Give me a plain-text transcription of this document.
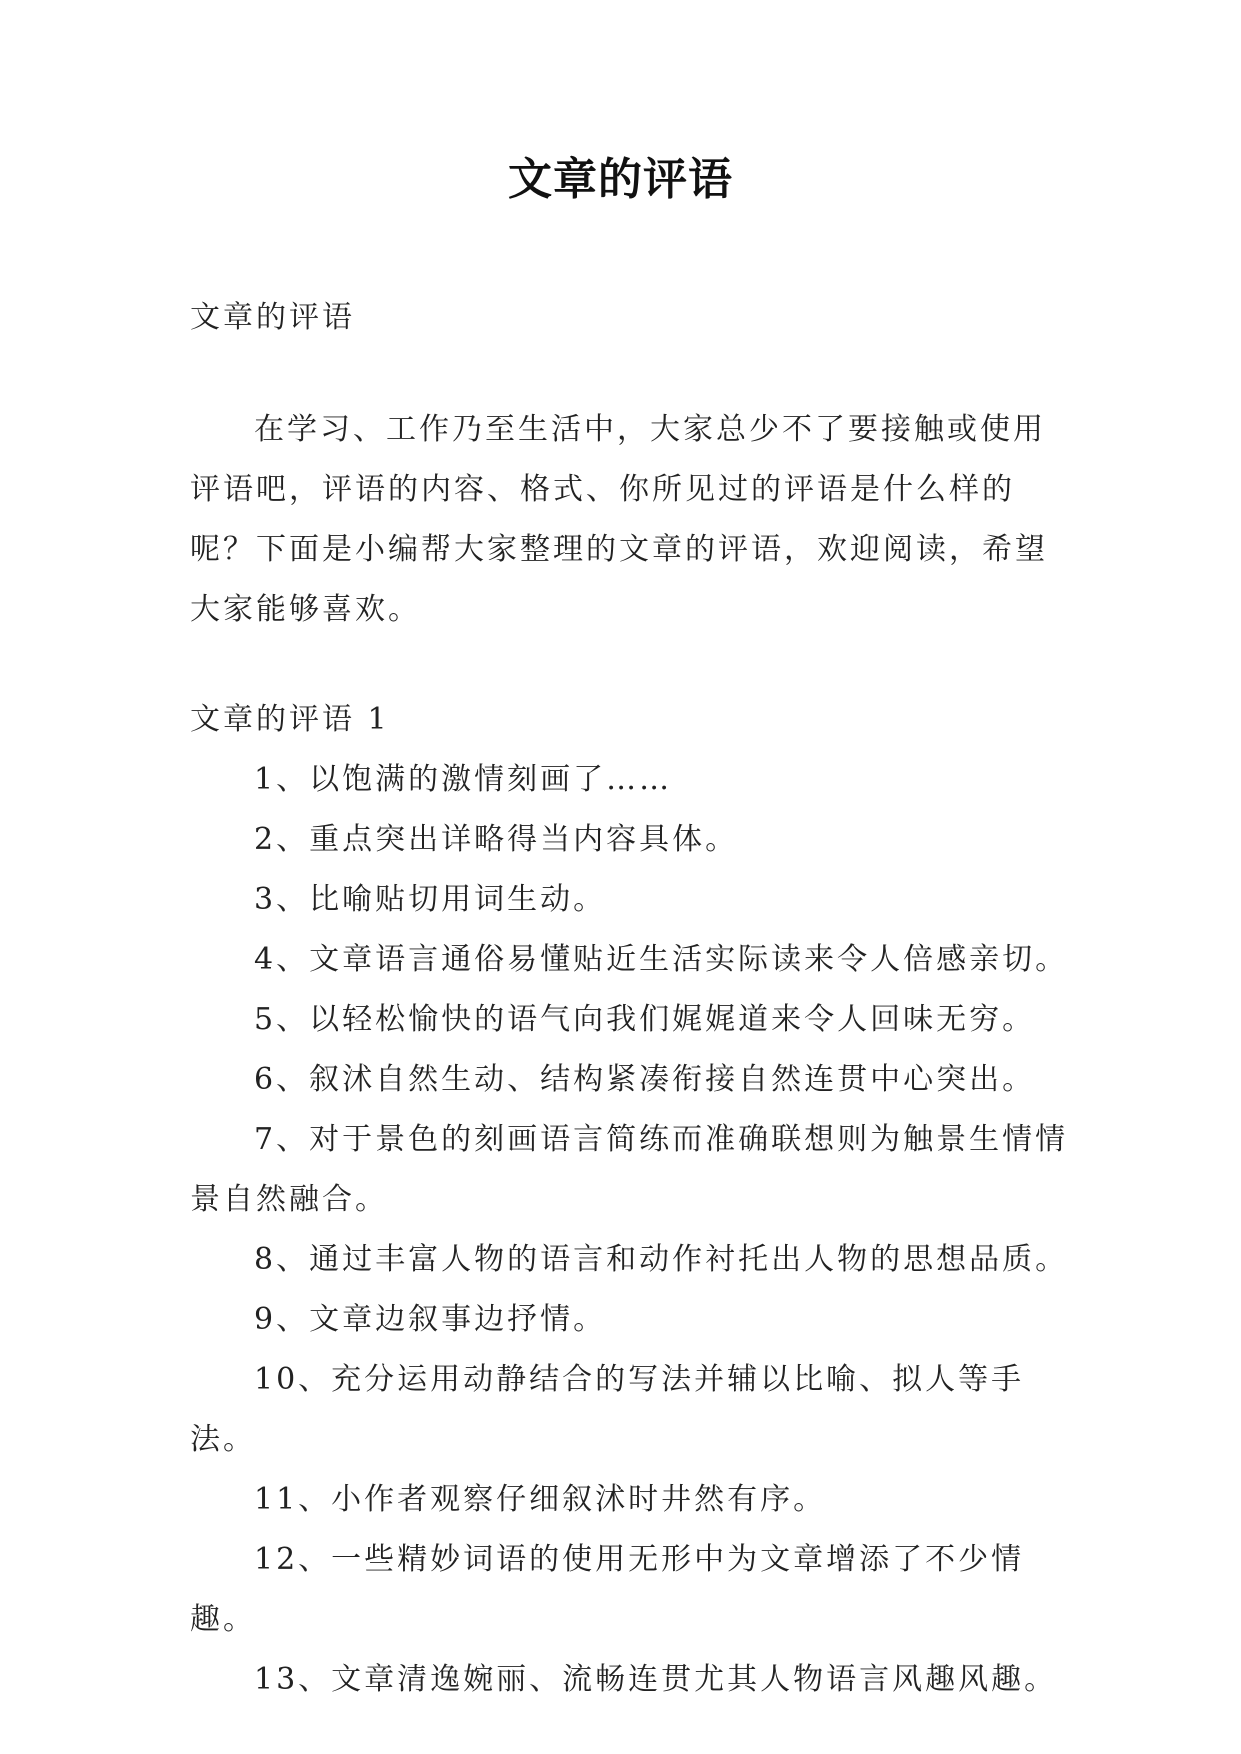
文章的评语

文章的评语

在学习、工作乃至生活中，大家总少不了要接触或使用评语吧，评语的内容、格式、你所见过的评语是什么样的呢？下面是小编帮大家整理的文章的评语，欢迎阅读，希望大家能够喜欢。

文章的评语 1

1、以饱满的激情刻画了……
2、重点突出详略得当内容具体。
3、比喻贴切用词生动。
4、文章语言通俗易懂贴近生活实际读来令人倍感亲切。
5、以轻松愉快的语气向我们娓娓道来令人回味无穷。
6、叙沭自然生动、结构紧凑衔接自然连贯中心突出。
7、对于景色的刻画语言简练而准确联想则为触景生情情景自然融合。
8、通过丰富人物的语言和动作衬托出人物的思想品质。
9、文章边叙事边抒情。
10、充分运用动静结合的写法并辅以比喻、拟人等手法。
11、小作者观察仔细叙沭时井然有序。
12、一些精妙词语的使用无形中为文章增添了不少情趣。
13、文章清逸婉丽、流畅连贯尤其人物语言风趣风趣。
